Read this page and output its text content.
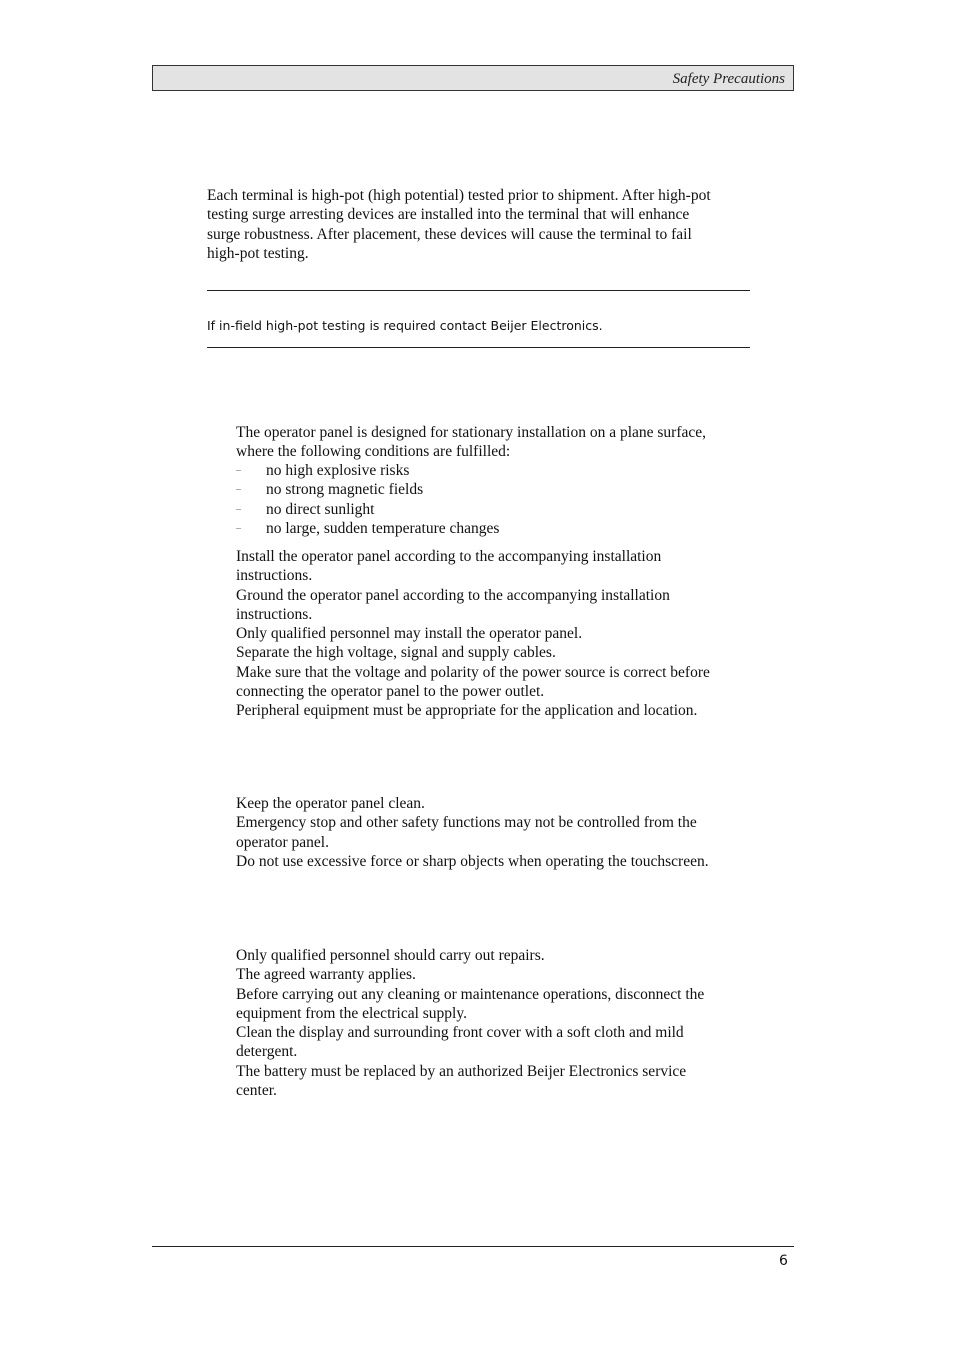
Safety Precautions
Each terminal is high-pot (high potential) tested prior to shipment. After high-pot
testing surge arresting devices are installed into the terminal that will enhance
surge robustness. After placement, these devices will cause the terminal to fail
high-pot testing.
If in-field high-pot testing is required contact Beijer Electronics.
The operator panel is designed for stationary installation on a plane surface,
where the following conditions are fulfilled:
– no high explosive risks
– no strong magnetic fields
– no direct sunlight
– no large, sudden temperature changes
Install the operator panel according to the accompanying installation
instructions.
Ground the operator panel according to the accompanying installation
instructions.
Only qualified personnel may install the operator panel.
Separate the high voltage, signal and supply cables.
Make sure that the voltage and polarity of the power source is correct before
connecting the operator panel to the power outlet.
Peripheral equipment must be appropriate for the application and location.
Keep the operator panel clean.
Emergency stop and other safety functions may not be controlled from the
operator panel.
Do not use excessive force or sharp objects when operating the touchscreen.
Only qualified personnel should carry out repairs.
The agreed warranty applies.
Before carrying out any cleaning or maintenance operations, disconnect the
equipment from the electrical supply.
Clean the display and surrounding front cover with a soft cloth and mild
detergent.
The battery must be replaced by an authorized Beijer Electronics service
center.
6
